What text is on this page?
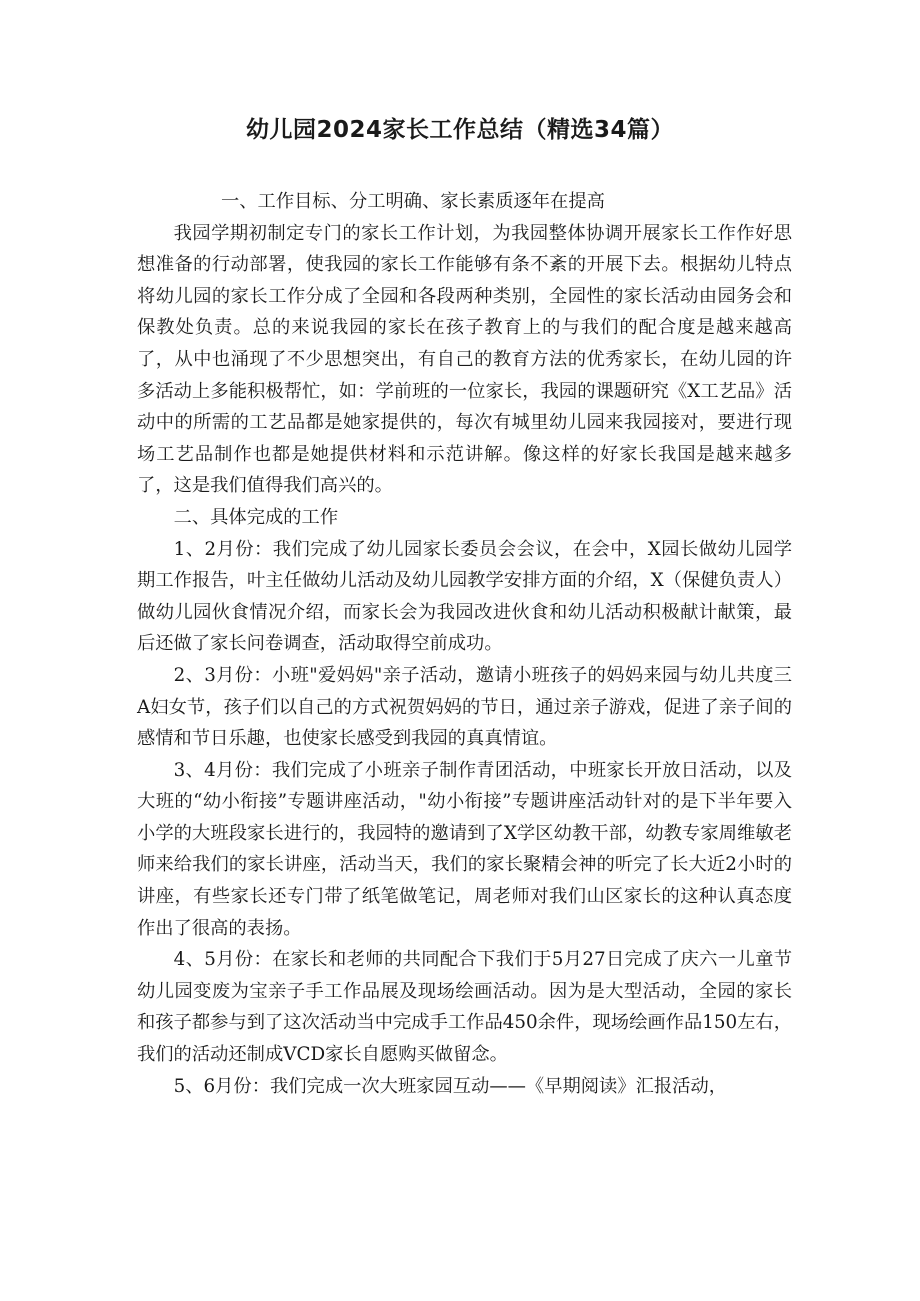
幼儿园2024家长工作总结（精选34篇）

一、工作目标、分工明确、家长素质逐年在提高

我园学期初制定专门的家长工作计划，为我园整体协调开展家长工作作好思想准备的行动部署，使我园的家长工作能够有条不紊的开展下去。根据幼儿特点将幼儿园的家长工作分成了全园和各段两种类别，全园性的家长活动由园务会和保教处负责。总的来说我园的家长在孩子教育上的与我们的配合度是越来越高了，从中也涌现了不少思想突出，有自己的教育方法的优秀家长，在幼儿园的许多活动上多能积极帮忙，如：学前班的一位家长，我园的课题研究《X工艺品》活动中的所需的工艺品都是她家提供的，每次有城里幼儿园来我园接对，要进行现场工艺品制作也都是她提供材料和示范讲解。像这样的好家长我国是越来越多了，这是我们值得我们高兴的。

二、具体完成的工作

1、2月份：我们完成了幼儿园家长委员会会议，在会中，X园长做幼儿园学期工作报告，叶主任做幼儿活动及幼儿园教学安排方面的介绍，X（保健负责人）做幼儿园伙食情况介绍，而家长会为我园改进伙食和幼儿活动积极献计献策，最后还做了家长问卷调查，活动取得空前成功。

2、3月份：小班"爱妈妈"亲子活动，邀请小班孩子的妈妈来园与幼儿共度三A妇女节，孩子们以自己的方式祝贺妈妈的节日，通过亲子游戏，促进了亲子间的感情和节日乐趣，也使家长感受到我园的真真情谊。

3、4月份：我们完成了小班亲子制作青团活动，中班家长开放日活动，以及大班的“幼小衔接”专题讲座活动，"幼小衔接”专题讲座活动针对的是下半年要入小学的大班段家长进行的，我园特的邀请到了X学区幼教干部，幼教专家周维敏老师来给我们的家长讲座，活动当天，我们的家长聚精会神的听完了长大近2小时的讲座，有些家长还专门带了纸笔做笔记，周老师对我们山区家长的这种认真态度作出了很高的表扬。

4、5月份：在家长和老师的共同配合下我们于5月27日完成了庆六一儿童节幼儿园变废为宝亲子手工作品展及现场绘画活动。因为是大型活动，全园的家长和孩子都参与到了这次活动当中完成手工作品450余件，现场绘画作品150左右，我们的活动还制成VCD家长自愿购买做留念。

5、6月份：我们完成一次大班家园互动——《早期阅读》汇报活动，
